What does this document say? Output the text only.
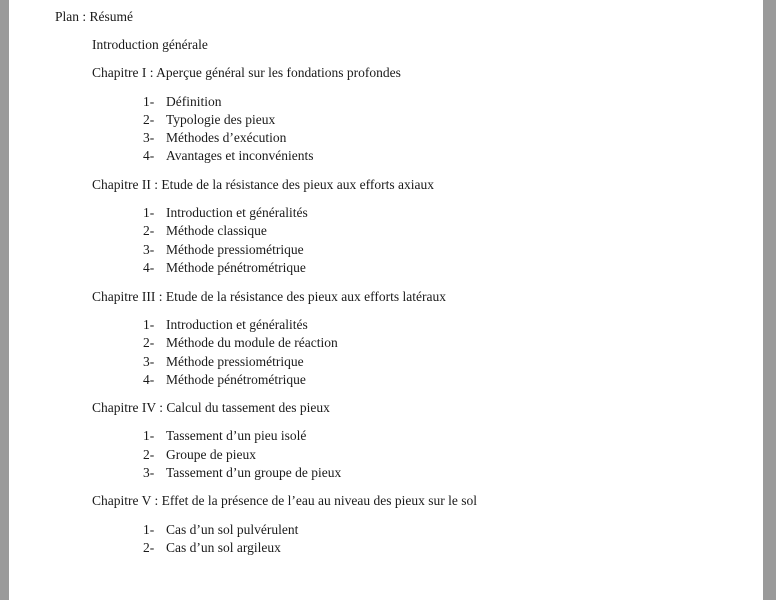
Plan : Résumé
Introduction générale
Chapitre I : Aperçue général sur les fondations profondes
1- Définition
2- Typologie des pieux
3- Méthodes d’exécution
4- Avantages et inconvénients
Chapitre II : Etude de la résistance des pieux aux efforts axiaux
1- Introduction et généralités
2- Méthode classique
3- Méthode pressiométrique
4- Méthode pénétrométrique
Chapitre III : Etude de la résistance des pieux aux efforts latéraux
1- Introduction et généralités
2- Méthode du module de réaction
3- Méthode pressiométrique
4- Méthode pénétrométrique
Chapitre IV : Calcul du tassement des pieux
1- Tassement d’un pieu isolé
2- Groupe de pieux
3- Tassement d’un groupe de pieux
Chapitre V : Effet de la présence de l’eau au niveau des pieux sur le sol
1- Cas d’un sol pulvérulent
2- Cas d’un sol argileux
